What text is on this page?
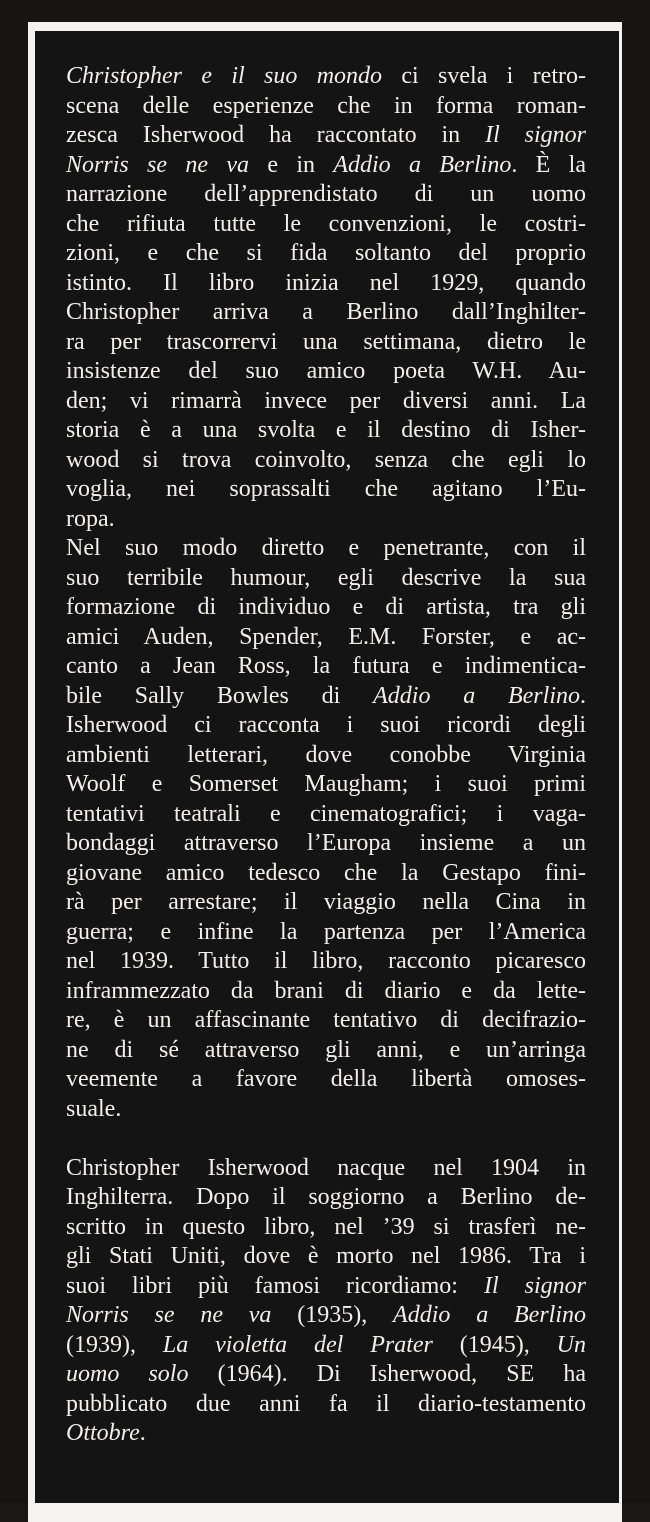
Christopher e il suo mondo ci svela i retro-
scena delle esperienze che in forma roman-
zesca Isherwood ha raccontato in Il signor
Norris se ne va e in Addio a Berlino. È la
narrazione dell’apprendistato di un uomo
che rifiuta tutte le convenzioni, le costri-
zioni, e che si fida soltanto del proprio
istinto. Il libro inizia nel 1929, quando
Christopher arriva a Berlino dall’Inghilter-
ra per trascorrervi una settimana, dietro le
insistenze del suo amico poeta W.H. Au-
den; vi rimarrà invece per diversi anni. La
storia è a una svolta e il destino di Isher-
wood si trova coinvolto, senza che egli lo
voglia, nei soprassalti che agitano l’Eu-
ropa.
Nel suo modo diretto e penetrante, con il
suo terribile humour, egli descrive la sua
formazione di individuo e di artista, tra gli
amici Auden, Spender, E.M. Forster, e ac-
canto a Jean Ross, la futura e indimentica-
bile Sally Bowles di Addio a Berlino.
Isherwood ci racconta i suoi ricordi degli
ambienti letterari, dove conobbe Virginia
Woolf e Somerset Maugham; i suoi primi
tentativi teatrali e cinematografici; i vaga-
bondaggi attraverso l’Europa insieme a un
giovane amico tedesco che la Gestapo fini-
rà per arrestare; il viaggio nella Cina in
guerra; e infine la partenza per l’America
nel 1939. Tutto il libro, racconto picaresco
inframmezzato da brani di diario e da lette-
re, è un affascinante tentativo di decifrazio-
ne di sé attraverso gli anni, e un’arringa
veemente a favore della libertà omoses-
suale.
Christopher Isherwood nacque nel 1904 in
Inghilterra. Dopo il soggiorno a Berlino de-
scritto in questo libro, nel ’39 si trasferì ne-
gli Stati Uniti, dove è morto nel 1986. Tra i
suoi libri più famosi ricordiamo: Il signor
Norris se ne va (1935), Addio a Berlino
(1939), La violetta del Prater (1945), Un
uomo solo (1964). Di Isherwood, SE ha
pubblicato due anni fa il diario-testamento
Ottobre.
